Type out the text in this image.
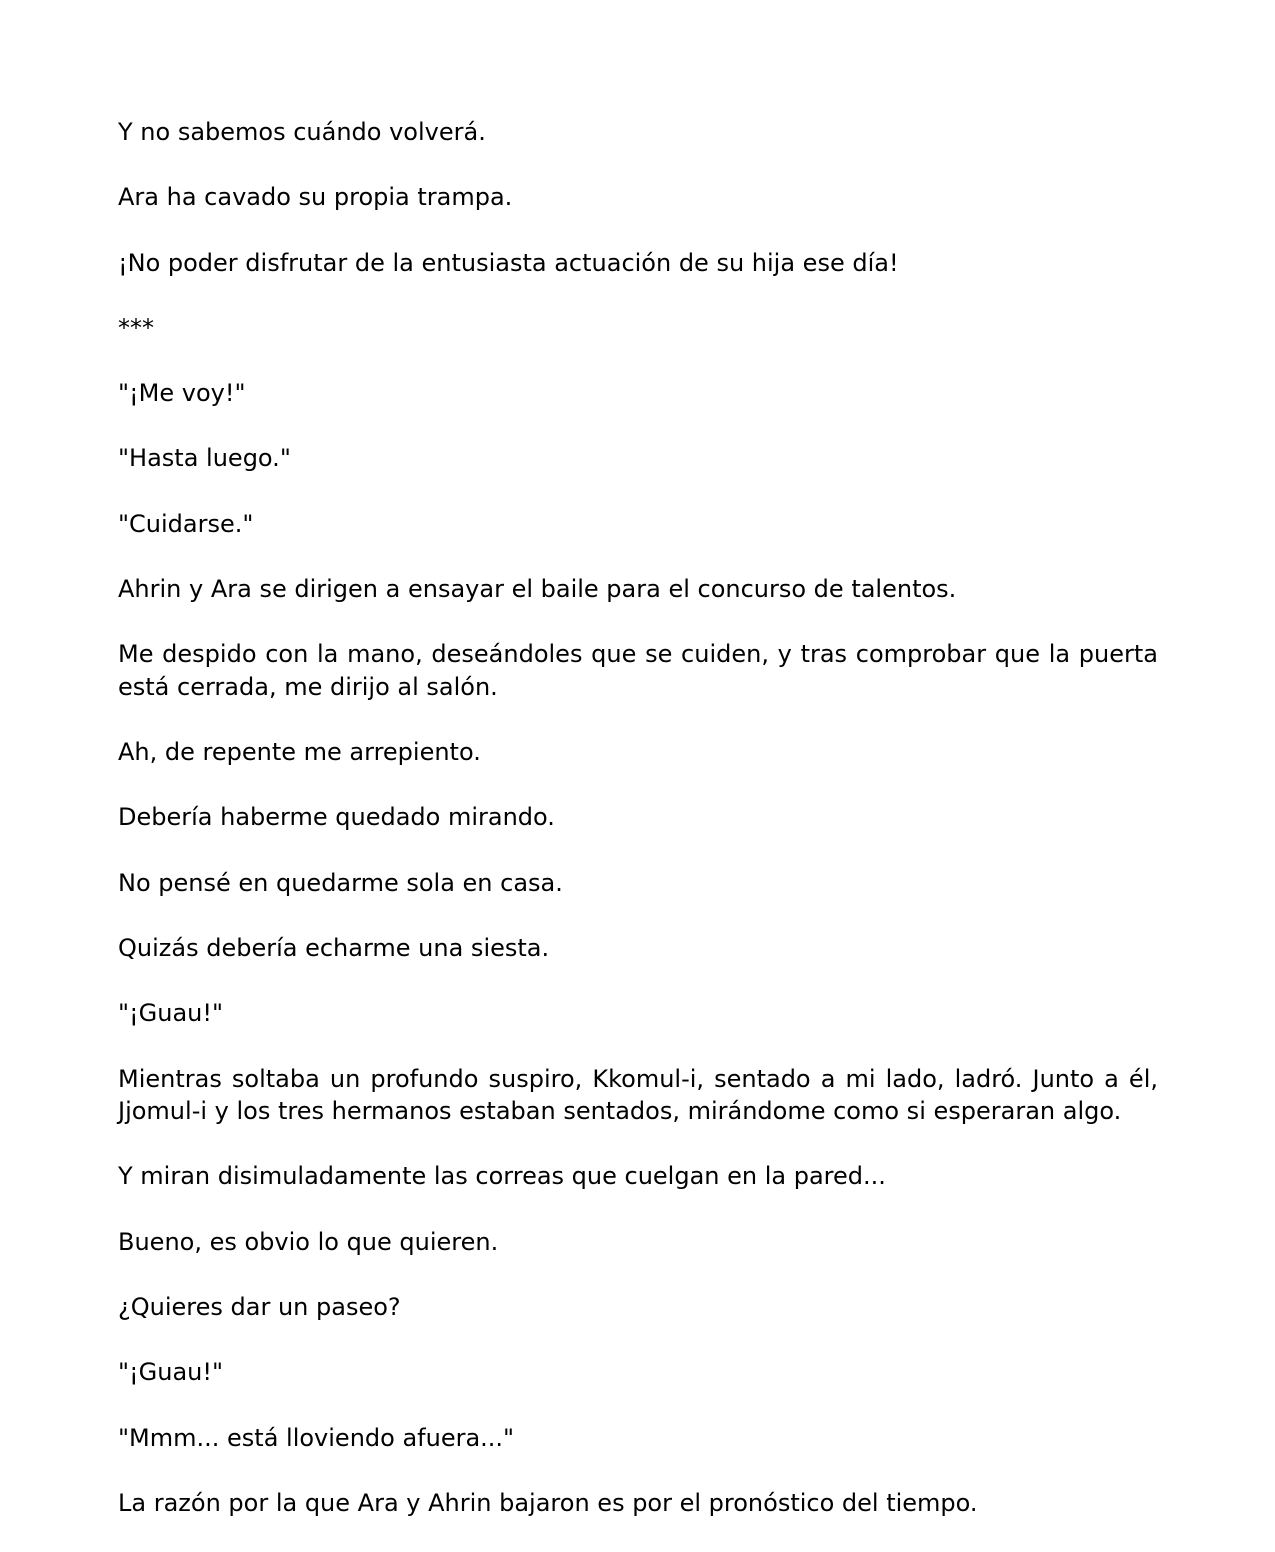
Y no sabemos cuándo volverá.

Ara ha cavado su propia trampa.

¡No poder disfrutar de la entusiasta actuación de su hija ese día!

***

"¡Me voy!"

"Hasta luego."

"Cuidarse."

Ahrin y Ara se dirigen a ensayar el baile para el concurso de talentos.

Me despido con la mano, deseándoles que se cuiden, y tras comprobar que la puerta está cerrada, me dirijo al salón.

Ah, de repente me arrepiento.

Debería haberme quedado mirando.

No pensé en quedarme sola en casa.

Quizás debería echarme una siesta.

"¡Guau!"

Mientras soltaba un profundo suspiro, Kkomul-i, sentado a mi lado, ladró. Junto a él, Jjomul-i y los tres hermanos estaban sentados, mirándome como si esperaran algo.

Y miran disimuladamente las correas que cuelgan en la pared...

Bueno, es obvio lo que quieren.

¿Quieres dar un paseo?

"¡Guau!"

"Mmm... está lloviendo afuera..."

La razón por la que Ara y Ahrin bajaron es por el pronóstico del tiempo.
